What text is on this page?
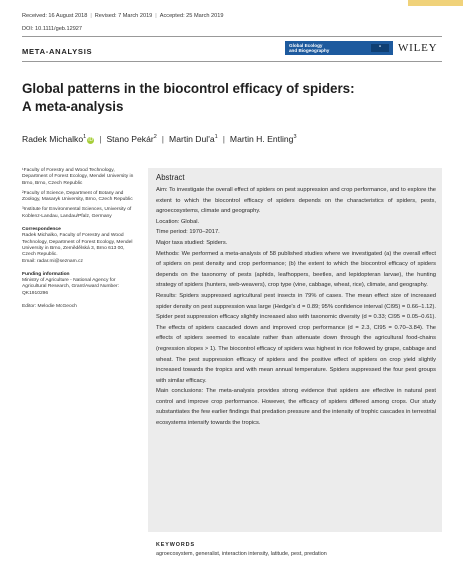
Received: 16 August 2018 | Revised: 7 March 2019 | Accepted: 25 March 2019
DOI: 10.1111/geb.12927
META-ANALYSIS
Global Ecology
and Biogeography
⊞	WILEY
Global patterns in the biocontrol efficacy of spiders:
A meta-analysis
Radek Michalko$^1$ iD | Stano Pekár$^2$ | Martin $Dul'a^1$ | Martin H. Entling$^3$

¹Faculty of Forestry and Wood Technology, Department of Forest Ecology, Mendel University in Brno, Brno, Czech Republic

²Faculty of Science, Department of Botany and Zoology, Masaryk University, Brno, Czech Republic

³Institute for Environmental Sciences, University of Koblenz-Landau, Landau/Pfalz, Germany

Correspondence
Radek Michalko, Faculty of Forestry and Wood Technology, Department of Forest Ecology, Mendel University in Brno, Zemědělská 3, Brno 613 00, Czech Republic.
Email: radar.mi@seznam.cz

Funding information
Ministry of Agriculture - National Agency for Agricultural Research, Grant/Award Number: QK1910296

Editor: Melodie McGeoch

Abstract

Aim: To investigate the overall effect of spiders on pest suppression and crop performance, and to explore the extent to which the biocontrol efficacy of spiders depends on the characteristics of spiders, pests, agroecosystems, climate and geography.

Location: Global.

Time period: 1970–2017.

Major taxa studied: Spiders.

Methods: We performed a meta-analysis of 58 published studies where we investigated (a) the overall effect of spiders on pest density and crop performance; (b) the extent to which the biocontrol efficacy of spiders depends on the taxonomy of pests (aphids, leafhoppers, beetles, and lepidopteran larvae), the hunting strategy of spiders (hunters, web-weavers), crop type (vine, cabbage, wheat, rice), climate, and geography.

Results: Spiders suppressed agricultural pest insects in 79% of cases. The mean effect size of increased spider density on pest suppression was large (Hedge's d = 0.89; 95% confidence interval (CI95) = 0.66–1.12). Spider pest suppression efficacy slightly increased also with taxonomic diversity (d = 0.33; CI95 = 0.05–0.61). The effects of spiders cascaded down and improved crop performance (d = 2.3, CI95 = 0.70–3.84). The effects of spiders seemed to escalate rather than attenuate down through the agricultural food-chains (regression slopes > 1). The biocontrol efficacy of spiders was highest in rice followed by grape, cabbage and wheat. The pest suppression efficacy of spiders and the positive effect of spiders on crop yield slightly increased towards the tropics and with mean annual temperature. Spiders suppressed the four pest groups with similar efficacy.

Main conclusions: The meta-analysis provides strong evidence that spiders are effective in natural pest control and improve crop performance. However, the efficacy of spiders differed among crops. Our study substantiates the few earlier findings that predation pressure and the intensity of trophic cascades in terrestrial ecosystems intensify towards the tropics.

KEYWORDS
agroecosystem, generalist, interaction intensity, latitude, pest, predation
